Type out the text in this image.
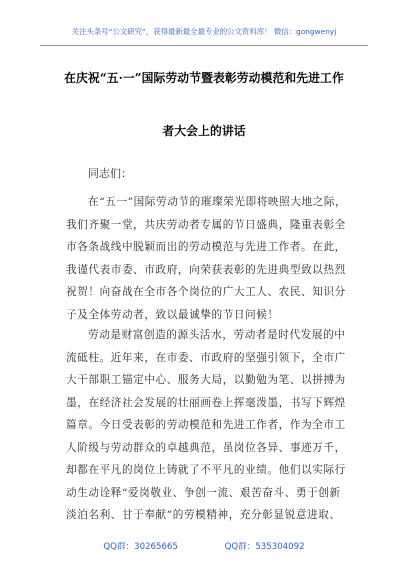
关注头条号“公文研究”，获得最新最全最专业的公文资料库！ 微信：gongwenyj
在庆祝“五·一”国际劳动节暨表彰劳动模范和先进工作
者大会上的讲话
同志们：
在“五一”国际劳动节的璀璨荣光即将映照大地之际，
我们齐聚一堂，共庆劳动者专属的节日盛典，隆重表彰全
市各条战线中脱颖而出的劳动模范与先进工作者。在此，
我谨代表市委、市政府，向荣获表彰的先进典型致以热烈
祝贺！向奋战在全市各个岗位的广大工人、农民、知识分
子及全体劳动者，致以最诚挚的节日问候！
劳动是财富创造的源头活水，劳动者是时代发展的中
流砥柱。近年来，在市委、市政府的坚强引领下，全市广
大干部职工锚定中心、服务大局，以勤勉为笔、以拼搏为
墨，在经济社会发展的壮丽画卷上挥毫泼墨，书写下辉煌
篇章。今日受表彰的劳动模范和先进工作者，作为全市工
人阶级与劳动群众的卓越典范，虽岗位各异、事迹万千，
却都在平凡的岗位上铸就了不平凡的业绩。他们以实际行
动生动诠释“爱岗敬业、争创一流、艰苦奋斗、勇于创新
淡泊名利、甘于奉献”的劳模精神，充分彰显锐意进取、
QQ群：30265665	QQ群：535304092
